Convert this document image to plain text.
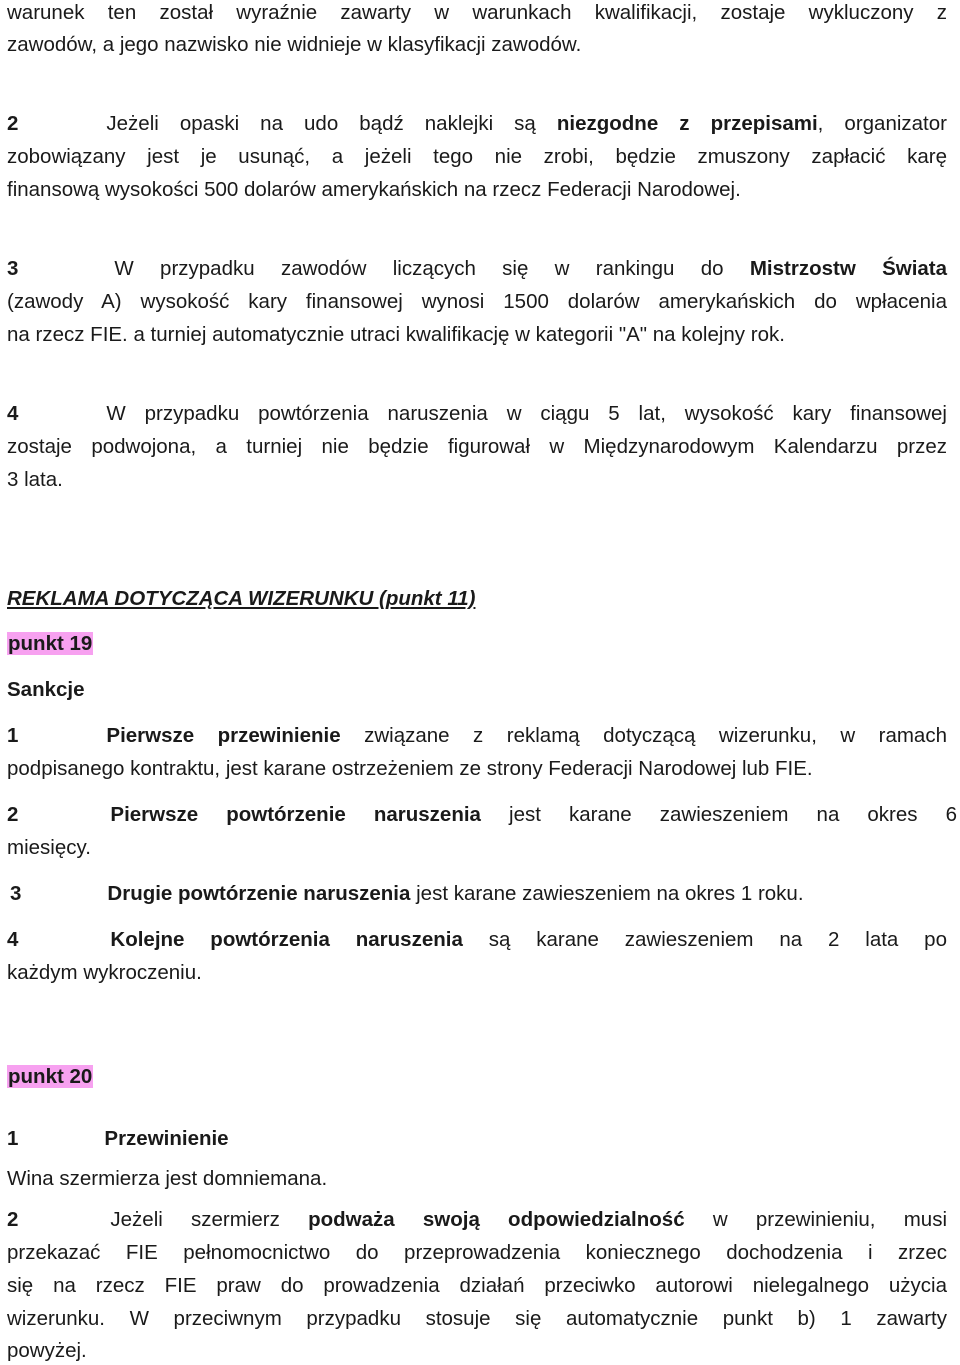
warunek ten został wyraźnie zawarty w warunkach kwalifikacji, zostaje wykluczony z
zawodów, a jego nazwisko nie widnieje w klasyfikacji zawodów.
2	Jeżeli opaski na udo bądź naklejki są niezgodne z przepisami, organizator
zobowiązany jest je usunąć, a jeżeli tego nie zrobi, będzie zmuszony zapłacić karę
finansową wysokości 500 dolarów amerykańskich na rzecz Federacji Narodowej.
3	W przypadku zawodów liczących się w rankingu do Mistrzostw Świata
(zawody A) wysokość kary finansowej wynosi 1500 dolarów amerykańskich do wpłacenia
na rzecz FIE. a turniej automatycznie utraci kwalifikację w kategorii "A" na kolejny rok.
4	W przypadku powtórzenia naruszenia w ciągu 5 lat, wysokość kary finansowej
zostaje podwojona, a turniej nie będzie figurował w Międzynarodowym Kalendarzu przez
3 lata.
REKLAMA DOTYCZĄCA WIZERUNKU (punkt 11)
punkt 19
Sankcje
1	Pierwsze przewinienie związane z reklamą dotyczącą wizerunku, w ramach
podpisanego kontraktu, jest karane ostrzeżeniem ze strony Federacji Narodowej lub FIE.
2	Pierwsze powtórzenie naruszenia jest karane zawieszeniem na okres 6
miesięcy.
3	Drugie powtórzenie naruszenia jest karane zawieszeniem na okres 1 roku.
4	Kolejne powtórzenia naruszenia są karane zawieszeniem na 2 lata po
każdym wykroczeniu.
punkt 20
1	Przewinienie
Wina szermierza jest domniemana.
2	Jeżeli szermierz podważa swoją odpowiedzialność w przewinieniu, musi
przekazać FIE pełnomocnictwo do przeprowadzenia koniecznego dochodzenia i zrzec
się na rzecz FIE praw do prowadzenia działań przeciwko autorowi nielegalnego użycia
wizerunku. W przeciwnym przypadku stosuje się automatycznie punkt b) 1 zawarty
powyżej.
